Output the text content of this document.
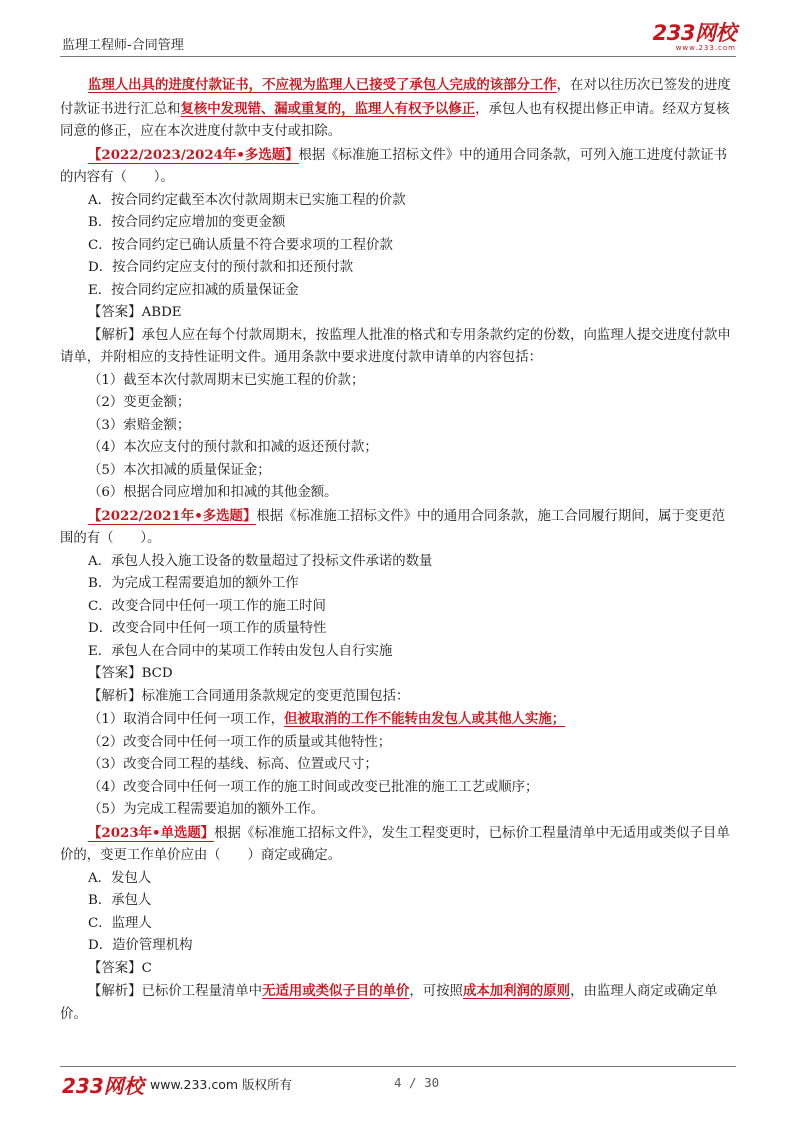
监理工程师-合同管理
233网校
www.233.com

监理人出具的进度付款证书，不应视为监理人已接受了承包人完成的该部分工作，在对以往历次已签发的进度付款证书进行汇总和复核中发现错、漏或重复的，监理人有权予以修正，承包人也有权提出修正申请。经双方复核同意的修正，应在本次进度付款中支付或扣除。

【2022/2023/2024年•多选题】根据《标准施工招标文件》中的通用合同条款，可列入施工进度付款证书的内容有（　　）。

A．按合同约定截至本次付款周期末已实施工程的价款

B．按合同约定应增加的变更金额

C．按合同约定已确认质量不符合要求项的工程价款

D．按合同约定应支付的预付款和扣还预付款

E．按合同约定应扣减的质量保证金

【答案】ABDE

【解析】承包人应在每个付款周期末，按监理人批准的格式和专用条款约定的份数，向监理人提交进度付款申请单，并附相应的支持性证明文件。通用条款中要求进度付款申请单的内容包括：

（1）截至本次付款周期末已实施工程的价款；

（2）变更金额；

（3）索赔金额；

（4）本次应支付的预付款和扣减的返还预付款；

（5）本次扣减的质量保证金；

（6）根据合同应增加和扣减的其他金额。

【2022/2021年•多选题】根据《标准施工招标文件》中的通用合同条款，施工合同履行期间，属于变更范围的有（　　）。

A．承包人投入施工设备的数量超过了投标文件承诺的数量

B．为完成工程需要追加的额外工作

C．改变合同中任何一项工作的施工时间

D．改变合同中任何一项工作的质量特性

E．承包人在合同中的某项工作转由发包人自行实施

【答案】BCD

【解析】标准施工合同通用条款规定的变更范围包括：

（1）取消合同中任何一项工作，但被取消的工作不能转由发包人或其他人实施；

（2）改变合同中任何一项工作的质量或其他特性；

（3）改变合同工程的基线、标高、位置或尺寸；

（4）改变合同中任何一项工作的施工时间或改变已批准的施工工艺或顺序；

（5）为完成工程需要追加的额外工作。

【2023年•单选题】根据《标准施工招标文件》，发生工程变更时，已标价工程量清单中无适用或类似子目单价的，变更工作单价应由（　　）商定或确定。

A．发包人

B．承包人

C．监理人

D．造价管理机构

【答案】C

【解析】已标价工程量清单中无适用或类似子目的单价，可按照成本加利润的原则，由监理人商定或确定单价。

233网校 www.233.com 版权所有	4 / 30
